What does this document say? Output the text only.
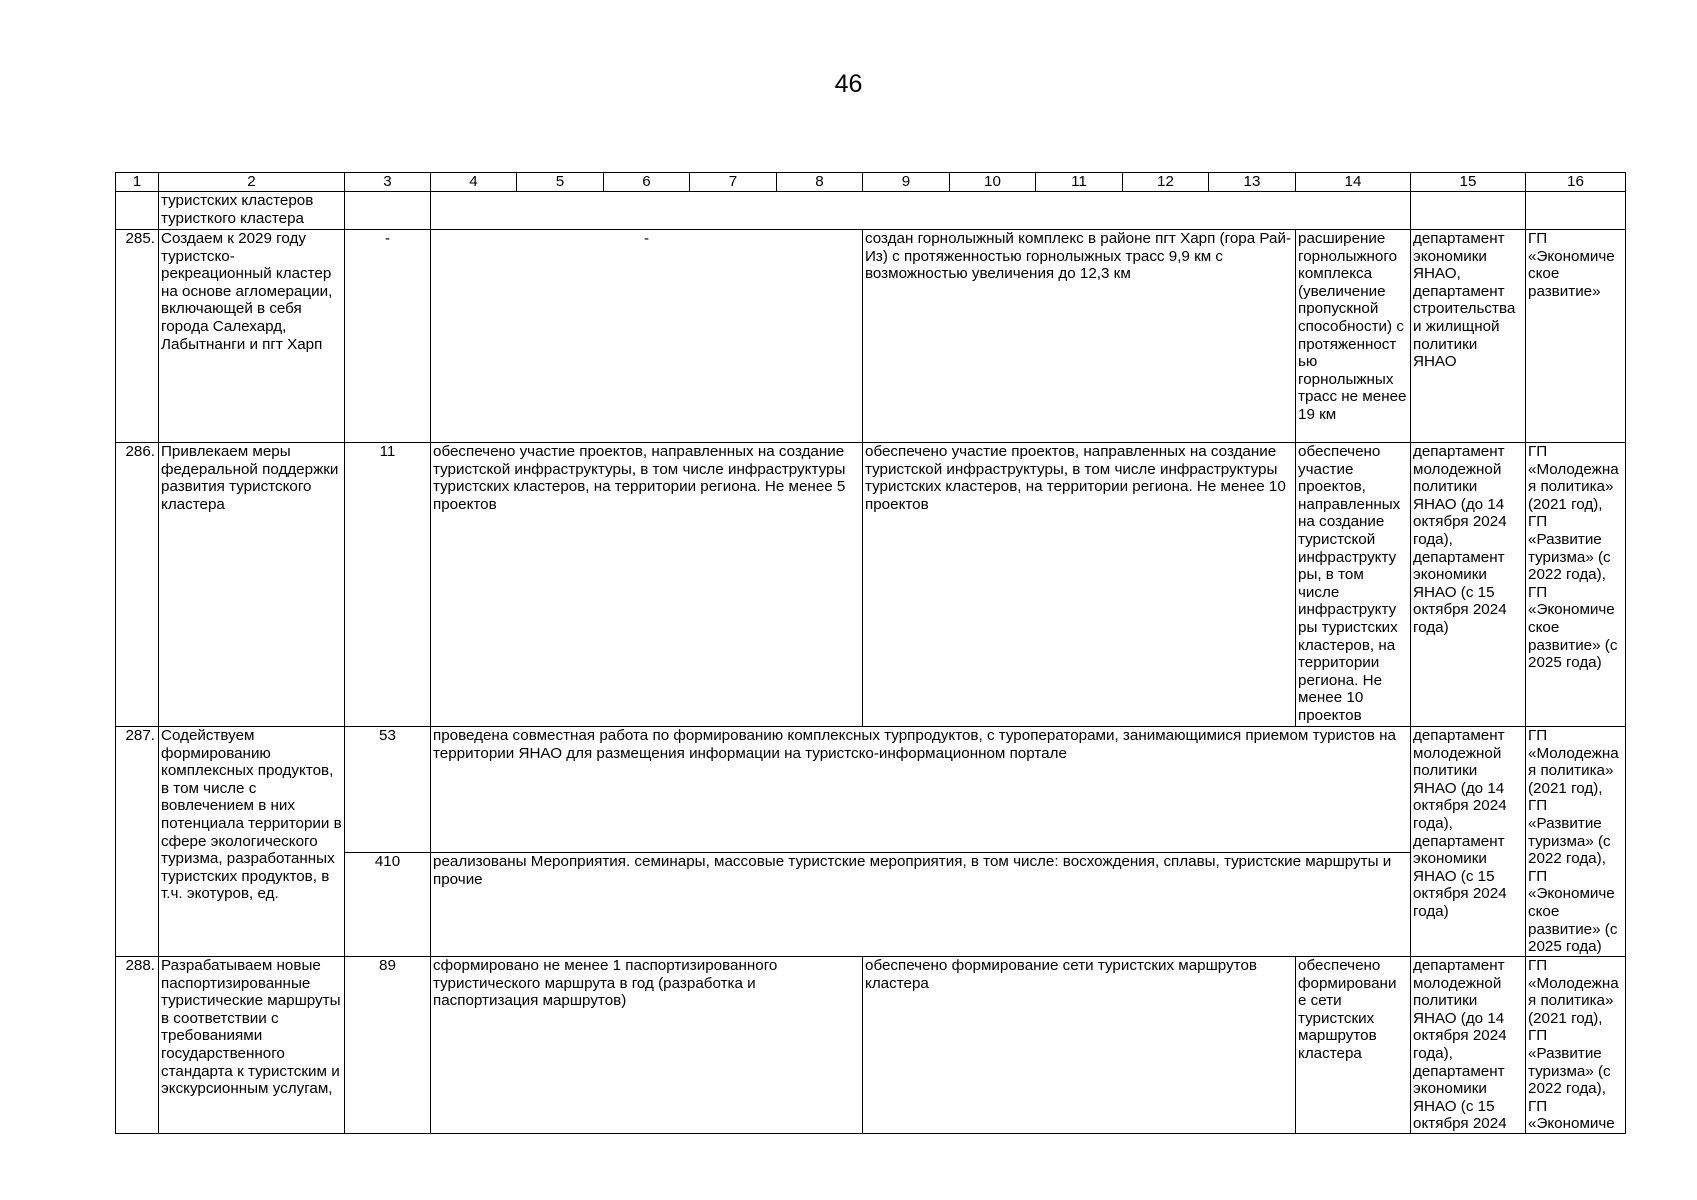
46
1	2	3	4	5	6	7	8	9	10	11	12	13	14	15	16
	туристских кластеров туристкого кластера														
285.	Создаем к 2029 году туристско-рекреационный кластер на основе агломерации, включающей в себя города Салехард, Лабытнанги и пгт Харп	-	-					создан горнолыжный комплекс в районе пгт Харп (гора Рай-Из) с протяженностью горнолыжных трасс 9,9 км с возможностью увеличения до 12,3 км					расширение горнолыжного комплекса (увеличение пропускной способности) с протяженност ью горнолыжных трасс не менее 19 км	департамент экономики ЯНАО, департамент строительства и жилищной политики ЯНАО	ГП «Экономиче ское развитие»
286.	Привлекаем меры федеральной поддержки развития туристского кластера	11	обеспечено участие проектов, направленных на создание туристской инфраструктуры, в том числе инфраструктуры туристских кластеров, на территории региона. Не менее 5 проектов					обеспечено участие проектов, направленных на создание туристской инфраструктуры, в том числе инфраструктуры туристских кластеров, на территории региона. Не менее 10 проектов					обеспечено участие проектов, направленных на создание туристской инфраструкту ры, в том числе инфраструкту ры туристских кластеров, на территории региона. Не менее 10 проектов	департамент молодежной политики ЯНАО (до 14 октября 2024 года), департамент экономики ЯНАО (с 15 октября 2024 года)	ГП «Молодежна я политика» (2021 год), ГП «Развитие туризма» (с 2022 года), ГП «Экономиче ское развитие» (с 2025 года)
287.	Содействуем формированию комплексных продуктов, в том числе с вовлечением в них потенциала территории в сфере экологического туризма, разработанных туристских продуктов, в т.ч. экотуров, ед.	53	проведена совместная работа по формированию комплексных турпродуктов, с туроператорами, занимающимися приемом туристов на территории ЯНАО для размещения информации на туристско-информационном портале											департамент молодежной политики ЯНАО (до 14 октября 2024 года), департамент экономики ЯНАО (с 15 октября 2024 года)	ГП «Молодежна я политика» (2021 год), ГП «Развитие туризма» (с 2022 года), ГП «Экономиче ское развитие» (с 2025 года)
		410	реализованы Мероприятия. семинары, массовые туристские мероприятия, в том числе: восхождения, сплавы, туристские маршруты и прочие												
288.	Разрабатываем новые паспортизированные туристические маршруты в соответствии с требованиями государственного стандарта к туристским и экскурсионным услугам,	89	сформировано не менее 1 паспортизированного туристического маршрута в год (разработка и паспортизация маршрутов)					обеспечено формирование сети туристских маршрутов кластера					обеспечено формировани е сети туристских маршрутов кластера	департамент молодежной политики ЯНАО (до 14 октября 2024 года), департамент экономики ЯНАО (с 15 октября 2024	ГП «Молодежна я политика» (2021 год), ГП «Развитие туризма» (с 2022 года), ГП «Экономиче
